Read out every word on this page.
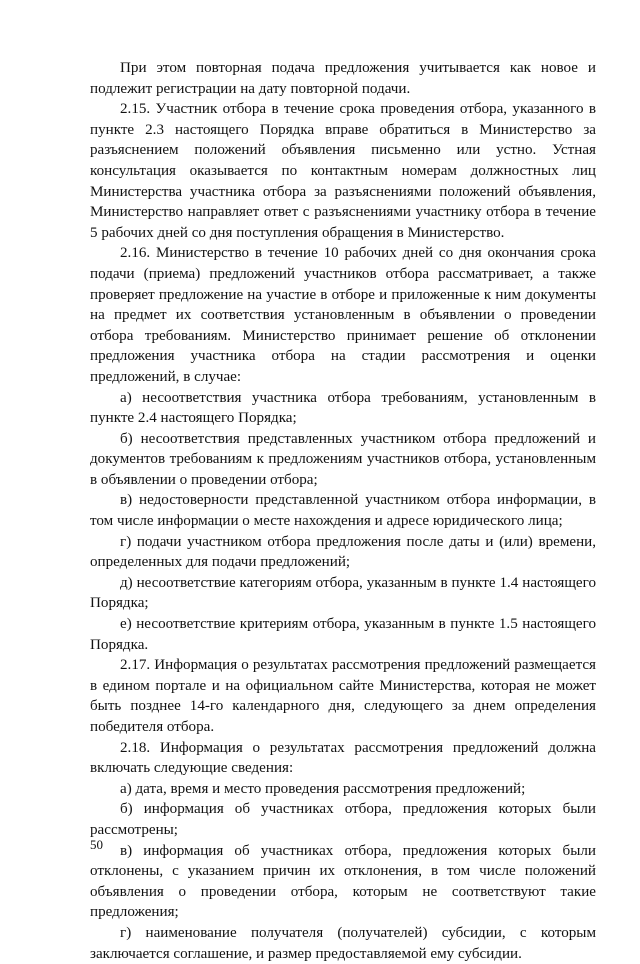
При этом повторная подача предложения учитывается как новое и подлежит регистрации на дату повторной подачи.

2.15. Участник отбора в течение срока проведения отбора, указанного в пункте 2.3 настоящего Порядка вправе обратиться в Министерство за разъяснением положений объявления письменно или устно. Устная консультация оказывается по контактным номерам должностных лиц Министерства участника отбора за разъяснениями положений объявления, Министерство направляет ответ с разъяснениями участнику отбора в течение 5 рабочих дней со дня поступления обращения в Министерство.

2.16. Министерство в течение 10 рабочих дней со дня окончания срока подачи (приема) предложений участников отбора рассматривает, а также проверяет предложение на участие в отборе и приложенные к ним документы на предмет их соответствия установленным в объявлении о проведении отбора требованиям. Министерство принимает решение об отклонении предложения участника отбора на стадии рассмотрения и оценки предложений, в случае:

а) несоответствия участника отбора требованиям, установленным в пункте 2.4 настоящего Порядка;

б) несоответствия представленных участником отбора предложений и документов требованиям к предложениям участников отбора, установленным в объявлении о проведении отбора;

в) недостоверности представленной участником отбора информации, в том числе информации о месте нахождения и адресе юридического лица;

г) подачи участником отбора предложения после даты и (или) времени, определенных для подачи предложений;

д) несоответствие категориям отбора, указанным в пункте 1.4 настоящего Порядка;

е) несоответствие критериям отбора, указанным в пункте 1.5 настоящего Порядка.

2.17. Информация о результатах рассмотрения предложений размещается в едином портале и на официальном сайте Министерства, которая не может быть позднее 14-го календарного дня, следующего за днем определения победителя отбора.

2.18. Информация о результатах рассмотрения предложений должна включать следующие сведения:

а) дата, время и место проведения рассмотрения предложений;

б) информация об участниках отбора, предложения которых были рассмотрены;

в) информация об участниках отбора, предложения которых были отклонены, с указанием причин их отклонения, в том числе положений объявления о проведении отбора, которым не соответствуют такие предложения;

г) наименование получателя (получателей) субсидии, с которым заключается соглашение, и размер предоставляемой ему субсидии.

50
